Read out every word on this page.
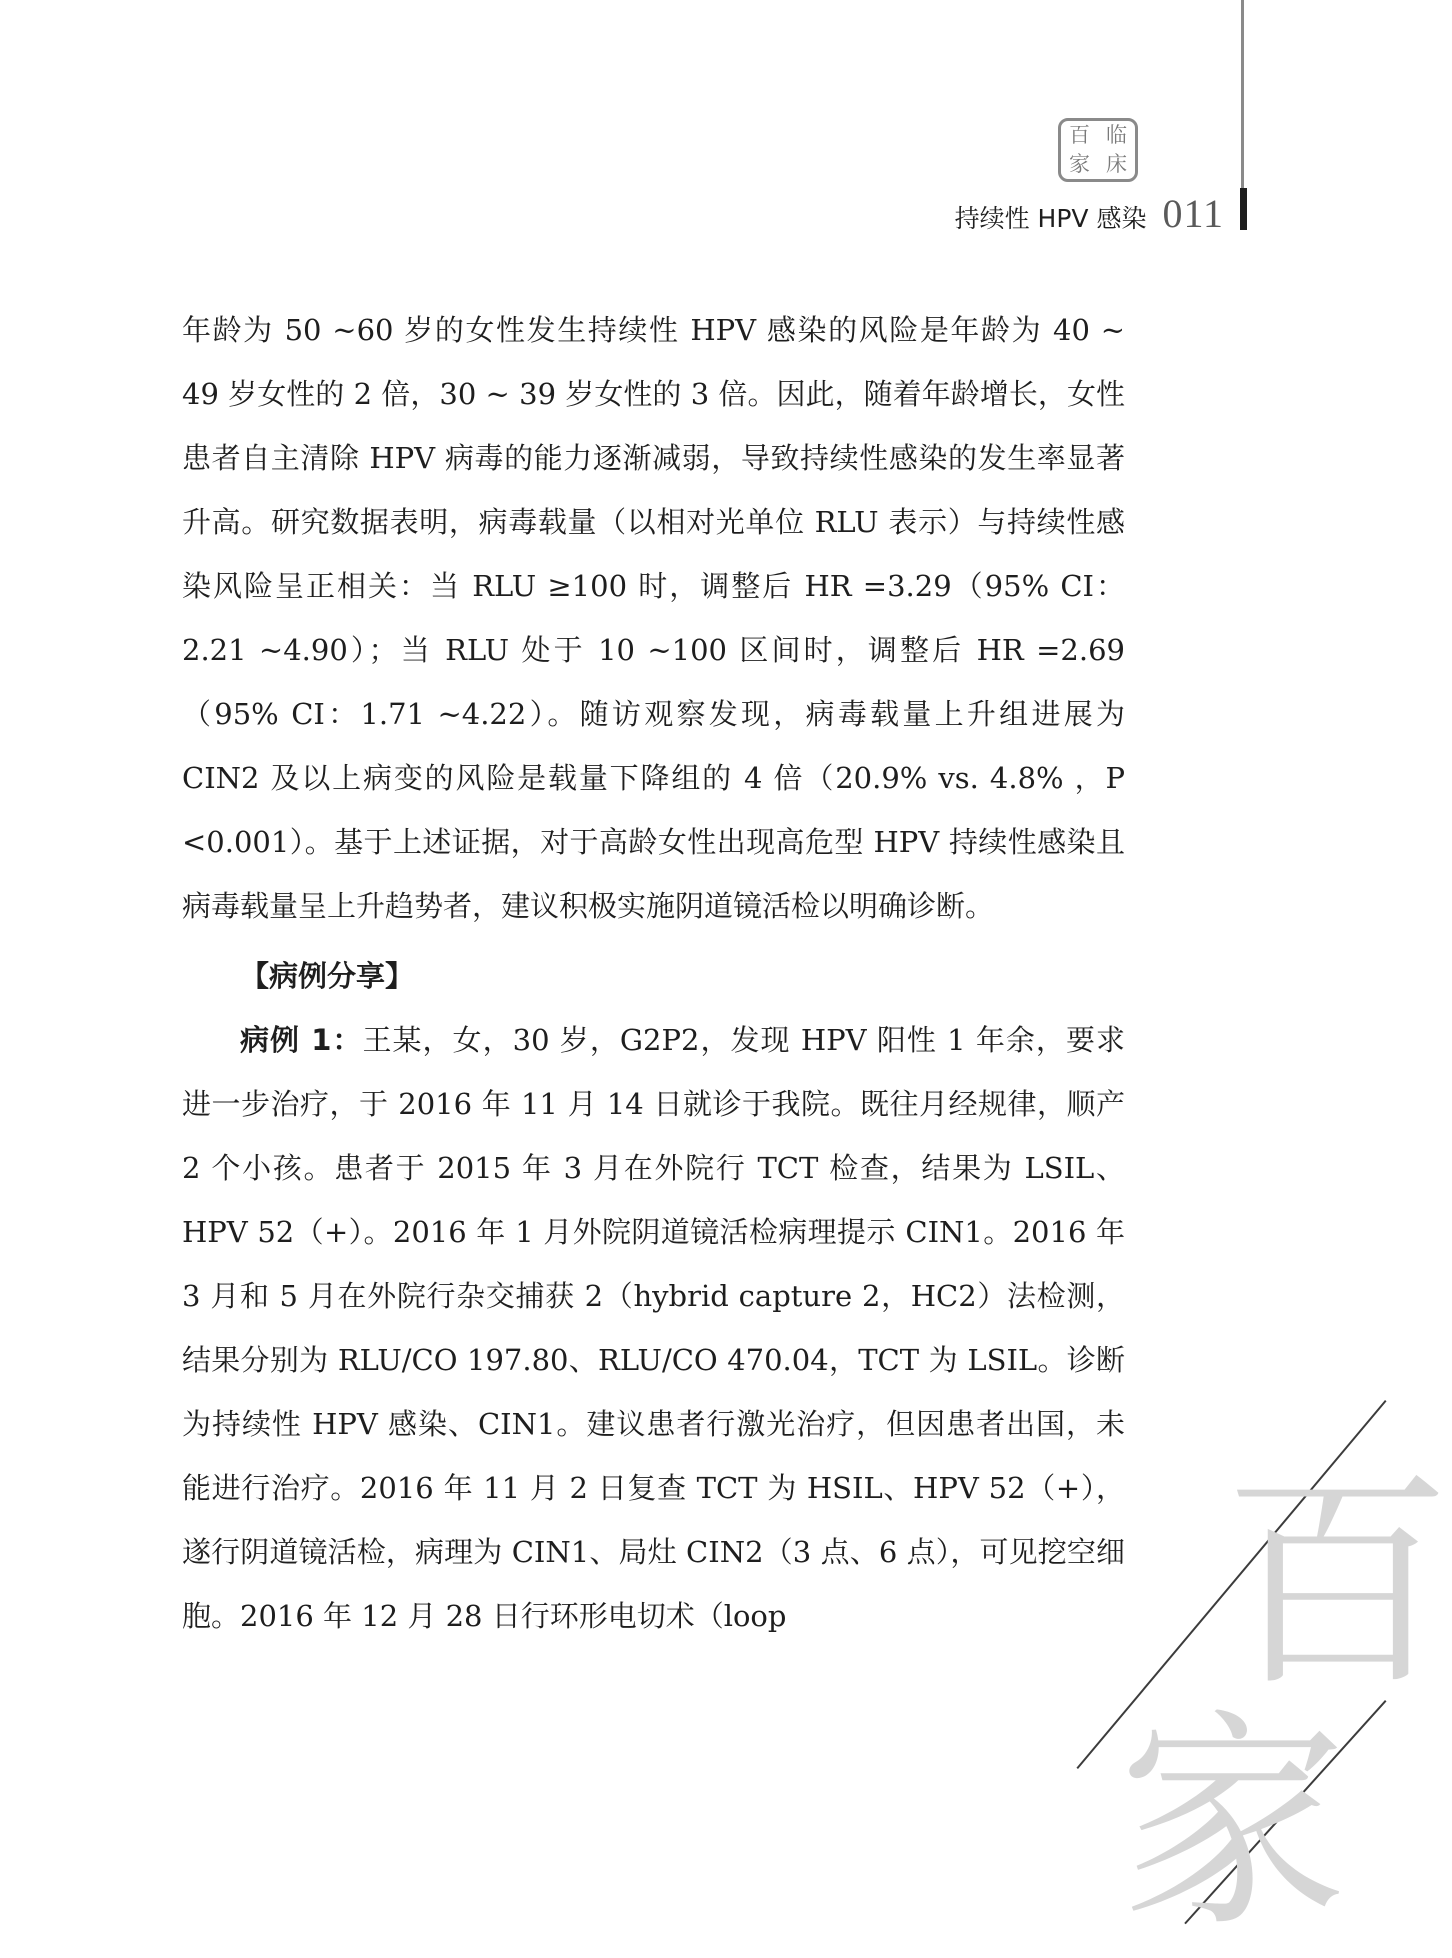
百 临
家 床
持续性 HPV 感染 011

年龄为 50 ~60 岁的女性发生持续性 HPV 感染的风险是年龄为 40 ~ 49 岁女性的 2 倍，30 ~ 39 岁女性的 3 倍。因此，随着年龄增长，女性患者自主清除 HPV 病毒的能力逐渐减弱，导致持续性感染的发生率显著升高。研究数据表明，病毒载量（以相对光单位 RLU 表示）与持续性感染风险呈正相关：当 RLU ≥100 时，调整后 HR =3.29（95% CI：2.21 ~4.90）；当 RLU 处于 10 ~100 区间时，调整后 HR =2.69（95% CI：1.71 ~4.22）。随访观察发现，病毒载量上升组进展为 CIN2 及以上病变的风险是载量下降组的 4 倍（20.9% vs. 4.8% ，P <0.001）。基于上述证据，对于高龄女性出现高危型 HPV 持续性感染且病毒载量呈上升趋势者，建议积极实施阴道镜活检以明确诊断。

【病例分享】

病例 1：王某，女，30 岁，G2P2，发现 HPV 阳性 1 年余，要求进一步治疗，于 2016 年 11 月 14 日就诊于我院。既往月经规律，顺产 2 个小孩。患者于 2015 年 3 月在外院行 TCT 检查，结果为 LSIL、HPV 52（+）。2016 年 1 月外院阴道镜活检病理提示 CIN1。2016 年 3 月和 5 月在外院行杂交捕获 2（hybrid capture 2，HC2）法检测，结果分别为 RLU/CO 197.80、RLU/CO 470.04，TCT 为 LSIL。诊断为持续性 HPV 感染、CIN1。建议患者行激光治疗，但因患者出国，未能进行治疗。2016 年 11 月 2 日复查 TCT 为 HSIL、HPV 52（+），遂行阴道镜活检，病理为 CIN1、局灶 CIN2（3 点、6 点），可见挖空细胞。2016 年 12 月 28 日行环形电切术（loop	百
家
